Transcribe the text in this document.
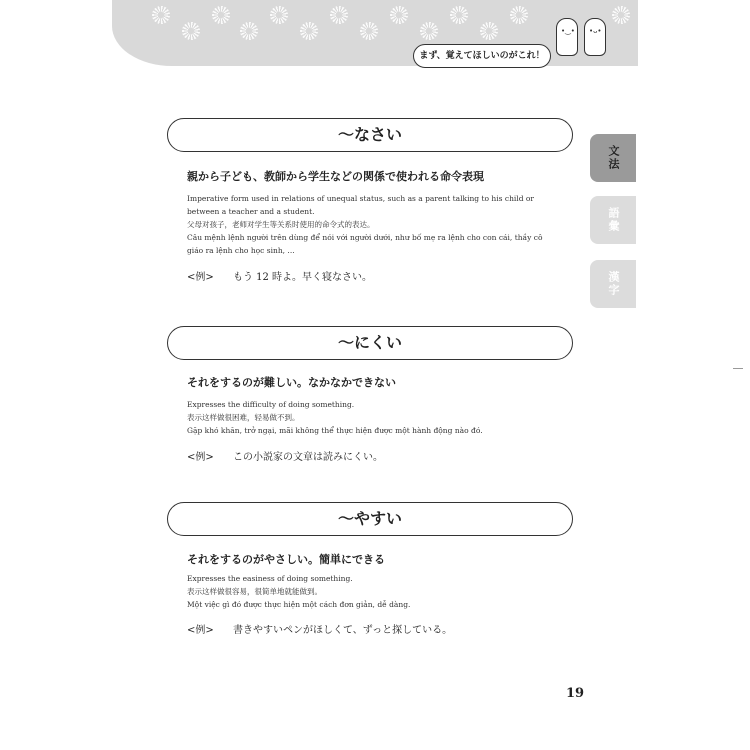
•‿• •ᴗ•
まず、覚えてほしいのがこれ！
文法
語彙
漢字
〜なさい
親から子ども、教師から学生などの関係で使われる命令表現
Imperative form used in relations of unequal status, such as a parent talking to his child or between a teacher and a student.
父母对孩子，老师对学生等关系时使用的命令式的表达。
Câu mệnh lệnh người trên dùng để nói với người dưới, như bố mẹ ra lệnh cho con cái, thầy cô giáo ra lệnh cho học sinh, ...
<例> もう 12 時よ。早く寝なさい。
〜にくい
それをするのが難しい。なかなかできない
Expresses the difficulty of doing something.
表示这样做很困难，轻易做不到。
Gặp khó khăn, trở ngại, mãi không thể thực hiện được một hành động nào đó.
<例> この小説家の文章は読みにくい。
〜やすい
それをするのがやさしい。簡単にできる
Expresses the easiness of doing something.
表示这样做很容易，很简单地就能做到。
Một việc gì đó được thực hiện một cách đơn giản, dễ dàng.
<例> 書きやすいペンがほしくて、ずっと探している。
19
